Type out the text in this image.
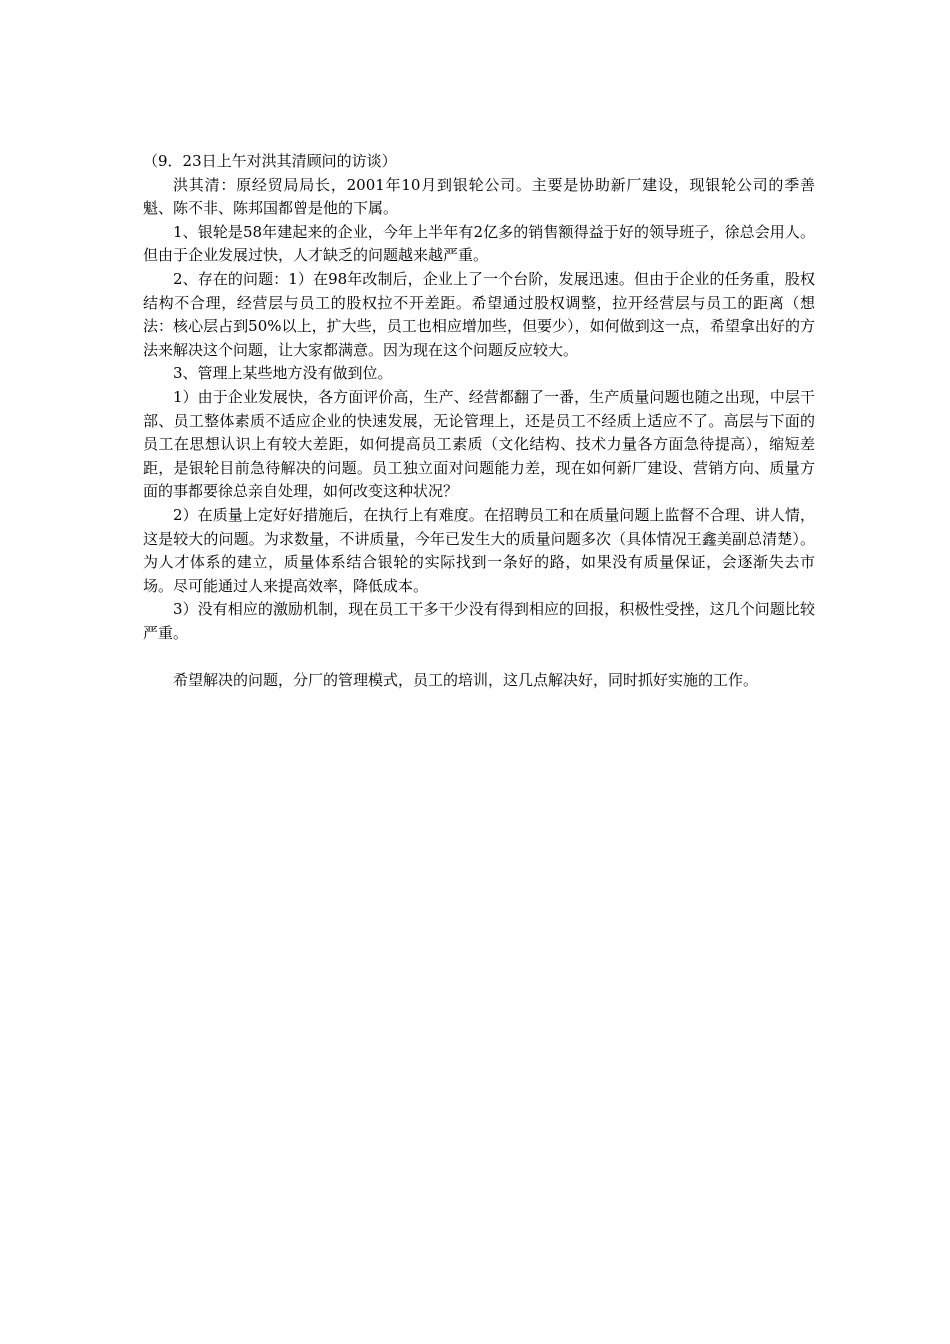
（9．23日上午对洪其清顾问的访谈）

洪其清：原经贸局局长，2001年10月到银轮公司。主要是协助新厂建设，现银轮公司的季善魁、陈不非、陈邦国都曾是他的下属。

1、银轮是58年建起来的企业，今年上半年有2亿多的销售额得益于好的领导班子，徐总会用人。但由于企业发展过快，人才缺乏的问题越来越严重。

2、存在的问题：1）在98年改制后，企业上了一个台阶，发展迅速。但由于企业的任务重，股权结构不合理，经营层与员工的股权拉不开差距。希望通过股权调整，拉开经营层与员工的距离（想法：核心层占到50%以上，扩大些，员工也相应增加些，但要少），如何做到这一点，希望拿出好的方法来解决这个问题，让大家都满意。因为现在这个问题反应较大。

3、管理上某些地方没有做到位。

1）由于企业发展快，各方面评价高，生产、经营都翻了一番，生产质量问题也随之出现，中层干部、员工整体素质不适应企业的快速发展，无论管理上，还是员工不经质上适应不了。高层与下面的员工在思想认识上有较大差距，如何提高员工素质（文化结构、技术力量各方面急待提高），缩短差距，是银轮目前急待解决的问题。员工独立面对问题能力差，现在如何新厂建设、营销方向、质量方面的事都要徐总亲自处理，如何改变这种状况？

2）在质量上定好好措施后，在执行上有难度。在招聘员工和在质量问题上监督不合理、讲人情，这是较大的问题。为求数量，不讲质量，今年已发生大的质量问题多次（具体情况王鑫美副总清楚）。为人才体系的建立，质量体系结合银轮的实际找到一条好的路，如果没有质量保证，会逐渐失去市场。尽可能通过人来提高效率，降低成本。

3）没有相应的激励机制，现在员工干多干少没有得到相应的回报，积极性受挫，这几个问题比较严重。

希望解决的问题，分厂的管理模式，员工的培训，这几点解决好，同时抓好实施的工作。
